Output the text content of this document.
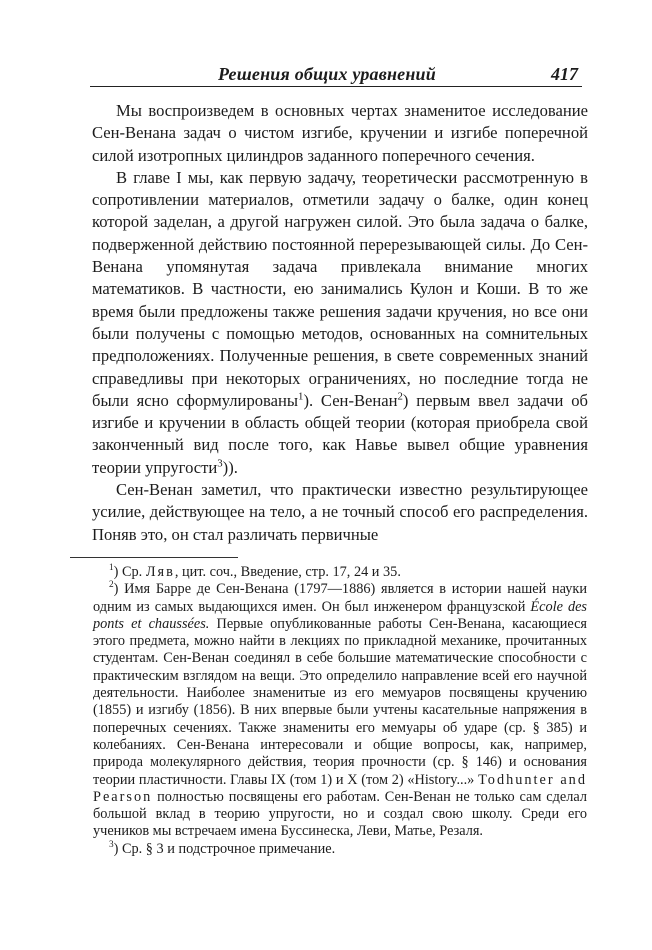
Решения общих уравнений	417

Мы воспроизведем в основных чертах знаменитое исследование Сен-Венана задач о чистом изгибе, кручении и изгибе поперечной силой изотропных цилиндров заданного поперечного сечения.

В главе I мы, как первую задачу, теоретически рассмотренную в сопротивлении материалов, отметили задачу о балке, один конец которой заделан, а другой нагружен силой. Это была задача о балке, подверженной действию постоянной перерезывающей силы. До Сен-Венана упомянутая задача привлекала внимание многих математиков. В частности, ею занимались Кулон и Коши. В то же время были предложены также решения задачи кручения, но все они были получены с помощью методов, основанных на сомнительных предположениях. Полученные решения, в свете современных знаний справедливы при некоторых ограничениях, но последние тогда не были ясно сформулированы$^1$). Сен-Венан$^2$) первым ввел задачи об изгибе и кручении в область общей теории (которая приобрела свой законченный вид после того, как Навье вывел общие уравнения теории упругости$^3$)).

Сен-Венан заметил, что практически известно результирующее усилие, действующее на тело, а не точный способ его распределения. Поняв это, он стал различать первичные

$^1$) Ср. Ляв, цит. соч., Введение, стр. 17, 24 и 35.

$^2$) Имя Барре де Сен-Венана (1797—1886) является в истории нашей науки одним из самых выдающихся имен. Он был инженером французской École des ponts et chaussées. Первые опубликованные работы Сен-Венана, касающиеся этого предмета, можно найти в лекциях по прикладной механике, прочитанных студентам. Сен-Венан соединял в себе большие математические способности с практическим взглядом на вещи. Это определило направление всей его научной деятельности. Наиболее знаменитые из его мемуаров посвящены кручению (1855) и изгибу (1856). В них впервые были учтены касательные напряжения в поперечных сечениях. Также знамениты его мемуары об ударе (ср. § 385) и колебаниях. Сен-Венана интересовали и общие вопросы, как, например, природа молекулярного действия, теория прочности (ср. § 146) и основания теории пластичности. Главы IX (том 1) и X (том 2) «History...» Todhunter and Pearson полностью посвящены его работам. Сен-Венан не только сам сделал большой вклад в теорию упругости, но и создал свою школу. Среди его учеников мы встречаем имена Буссинеска, Леви, Матье, Резаля.

$^3$) Ср. § 3 и подстрочное примечание.
